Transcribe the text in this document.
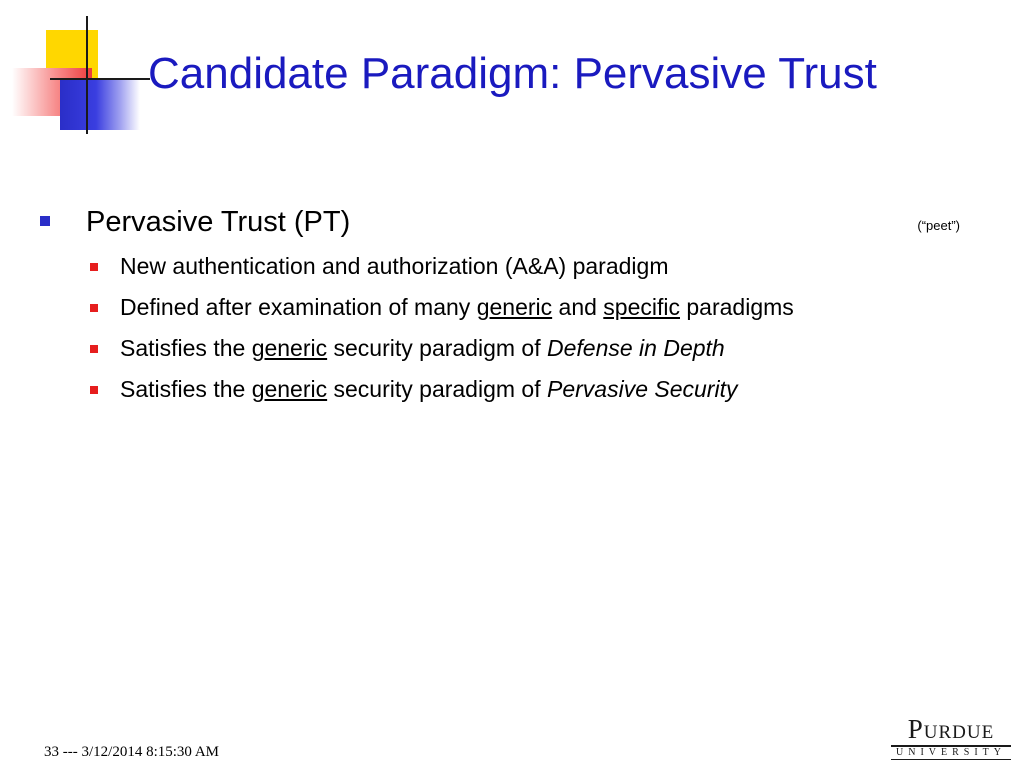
Candidate Paradigm: Pervasive Trust
Pervasive Trust (PT)	(“peet”)
New authentication and authorization (A&A) paradigm
Defined after examination of many generic and specific paradigms
Satisfies the generic security paradigm of Defense in Depth
Satisfies the generic security paradigm of Pervasive Security
33 --- 3/12/2014 8:15:30 AM
Purdue
UNIVERSITY
